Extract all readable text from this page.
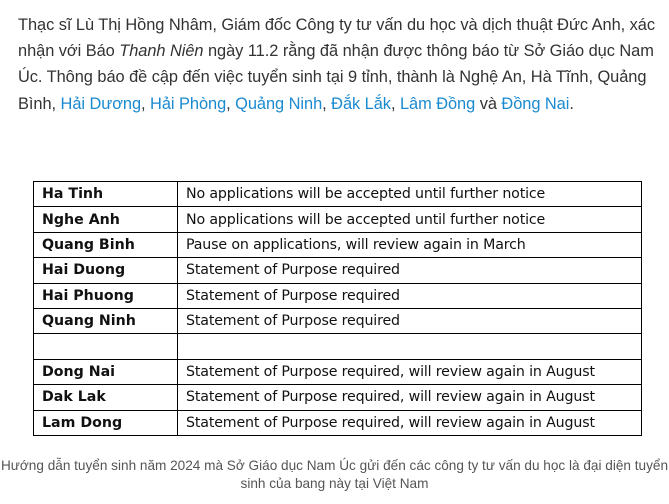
Thạc sĩ Lù Thị Hồng Nhâm, Giám đốc Công ty tư vấn du học và dịch thuật Đức Anh, xác nhận với Báo Thanh Niên ngày 11.2 rằng đã nhận được thông báo từ Sở Giáo dục Nam Úc. Thông báo đề cập đến việc tuyển sinh tại 9 tỉnh, thành là Nghệ An, Hà Tĩnh, Quảng Bình, Hải Dương, Hải Phòng, Quảng Ninh, Đắk Lắk, Lâm Đồng và Đồng Nai.
Ha Tinh	No applications will be accepted until further notice
Nghe Anh	No applications will be accepted until further notice
Quang Binh	Pause on applications, will review again in March
Hai Duong	Statement of Purpose required
Hai Phuong	Statement of Purpose required
Quang Ninh	Statement of Purpose required

Dong Nai	Statement of Purpose required, will review again in August
Dak Lak	Statement of Purpose required, will review again in August
Lam Dong	Statement of Purpose required, will review again in August
Hướng dẫn tuyển sinh năm 2024 mà Sở Giáo dục Nam Úc gửi đến các công ty tư vấn du học là đại diện tuyển sinh của bang này tại Việt Nam
